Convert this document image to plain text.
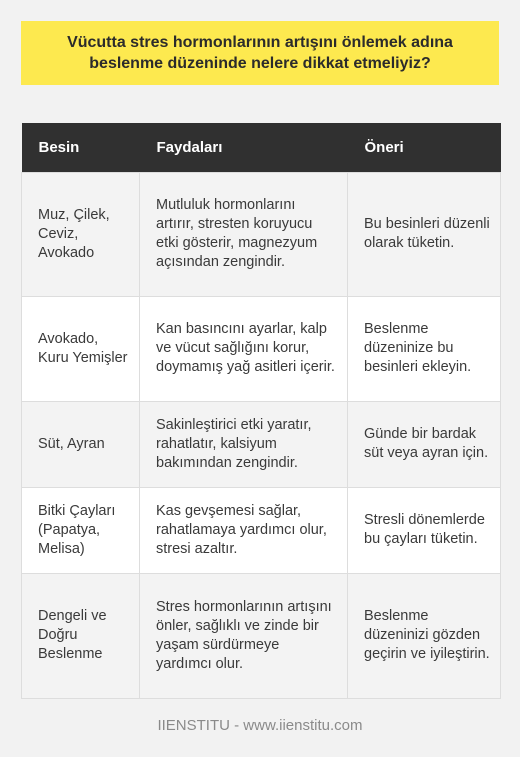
Vücutta stres hormonlarının artışını önlemek adına beslenme düzeninde nelere dikkat etmeliyiz?
Besin	Faydaları	Öneri
Muz, Çilek, Ceviz, Avokado	Mutluluk hormonlarını artırır, stresten koruyucu etki gösterir, magnezyum açısından zengindir.	Bu besinleri düzenli olarak tüketin.
Avokado, Kuru Yemişler	Kan basıncını ayarlar, kalp ve vücut sağlığını korur, doymamış yağ asitleri içerir.	Beslenme düzeninize bu besinleri ekleyin.
Süt, Ayran	Sakinleştirici etki yaratır, rahatlatır, kalsiyum bakımından zengindir.	Günde bir bardak süt veya ayran için.
Bitki Çayları (Papatya, Melisa)	Kas gevşemesi sağlar, rahatlamaya yardımcı olur, stresi azaltır.	Stresli dönemlerde bu çayları tüketin.
Dengeli ve Doğru Beslenme	Stres hormonlarının artışını önler, sağlıklı ve zinde bir yaşam sürdürmeye yardımcı olur.	Beslenme düzeninizi gözden geçirin ve iyileştirin.
IIENSTITU - www.iienstitu.com
